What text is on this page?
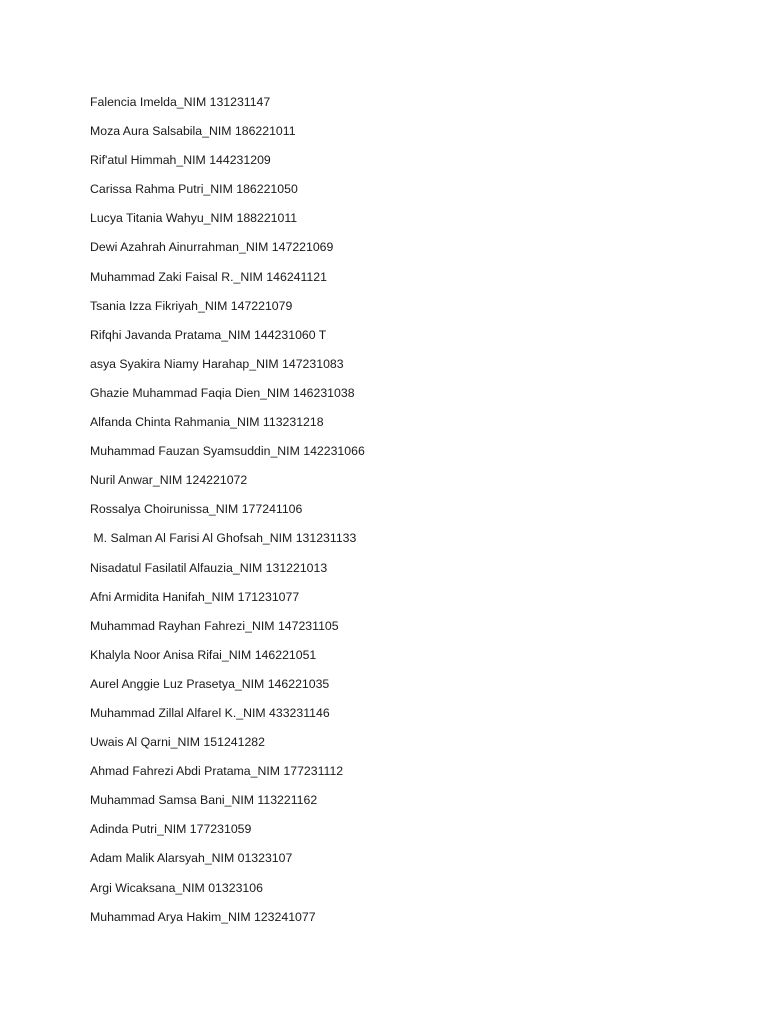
Falencia Imelda_NIM 131231147
Moza Aura Salsabila_NIM 186221011
Rif'atul Himmah_NIM 144231209
Carissa Rahma Putri_NIM 186221050
Lucya Titania Wahyu_NIM 188221011
Dewi Azahrah Ainurrahman_NIM 147221069
Muhammad Zaki Faisal R._NIM 146241121
Tsania Izza Fikriyah_NIM 147221079
Rifqhi Javanda Pratama_NIM 144231060 T
asya Syakira Niamy Harahap_NIM 147231083
Ghazie Muhammad Faqia Dien_NIM 146231038
Alfanda Chinta Rahmania_NIM 113231218
Muhammad Fauzan Syamsuddin_NIM 142231066
Nuril Anwar_NIM 124221072
Rossalya Choirunissa_NIM 177241106
M. Salman Al Farisi Al Ghofsah_NIM 131231133
Nisadatul Fasilatil Alfauzia_NIM 131221013
Afni Armidita Hanifah_NIM 171231077
Muhammad Rayhan Fahrezi_NIM 147231105
Khalyla Noor Anisa Rifai_NIM 146221051
Aurel Anggie Luz Prasetya_NIM 146221035
Muhammad Zillal Alfarel K._NIM 433231146
Uwais Al Qarni_NIM 151241282
Ahmad Fahrezi Abdi Pratama_NIM 177231112
Muhammad Samsa Bani_NIM 113221162
Adinda Putri_NIM 177231059
Adam Malik Alarsyah_NIM 01323107
Argi Wicaksana_NIM 01323106
Muhammad Arya Hakim_NIM 123241077
